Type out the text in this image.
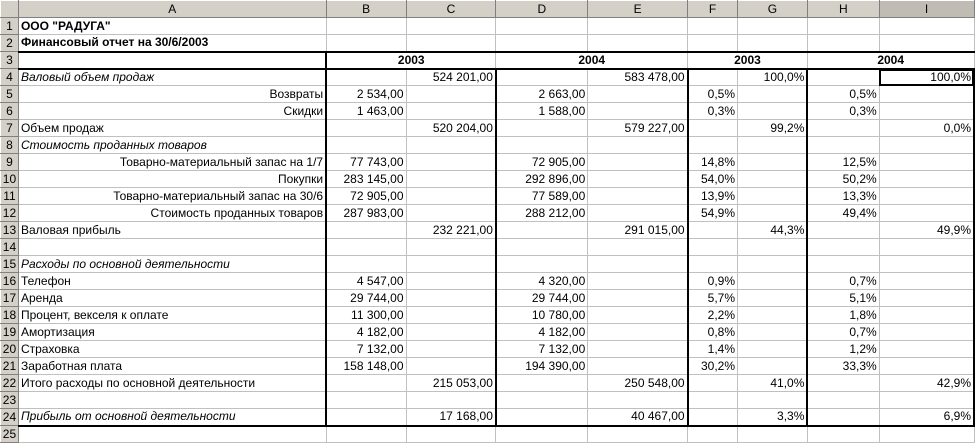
	A	B	C	D	E	F	G	H	I
1	ООО "РАДУГА"								
2	Финансовый отчет на 30/6/2003								
3		2003		2004		2003		2004	
4	Валовый объем продаж		524 201,00		583 478,00		100,0%		100,0%
5	Возвраты	2 534,00		2 663,00		0,5%		0,5%	
6	Скидки	1 463,00		1 588,00		0,3%		0,3%	
7	Объем продаж		520 204,00		579 227,00		99,2%		0,0%
8	Стоимость проданных товаров								
9	Товарно-материальный запас на 1/7	77 743,00		72 905,00		14,8%		12,5%	
10	Покупки	283 145,00		292 896,00		54,0%		50,2%	
11	Товарно-материальный запас на 30/6	72 905,00		77 589,00		13,9%		13,3%	
12	Стоимость проданных товаров	287 983,00		288 212,00		54,9%		49,4%	
13	Валовая прибыль		232 221,00		291 015,00		44,3%		49,9%
14									
15	Расходы по основной деятельности								
16	Телефон	4 547,00		4 320,00		0,9%		0,7%	
17	Аренда	29 744,00		29 744,00		5,7%		5,1%	
18	Процент, векселя к оплате	11 300,00		10 780,00		2,2%		1,8%	
19	Амортизация	4 182,00		4 182,00		0,8%		0,7%	
20	Страховка	7 132,00		7 132,00		1,4%		1,2%	
21	Заработная плата	158 148,00		194 390,00		30,2%		33,3%	
22	Итого расходы по основной деятельности		215 053,00		250 548,00		41,0%		42,9%
23									
24	Прибыль от основной деятельности		17 168,00		40 467,00		3,3%		6,9%
25									
